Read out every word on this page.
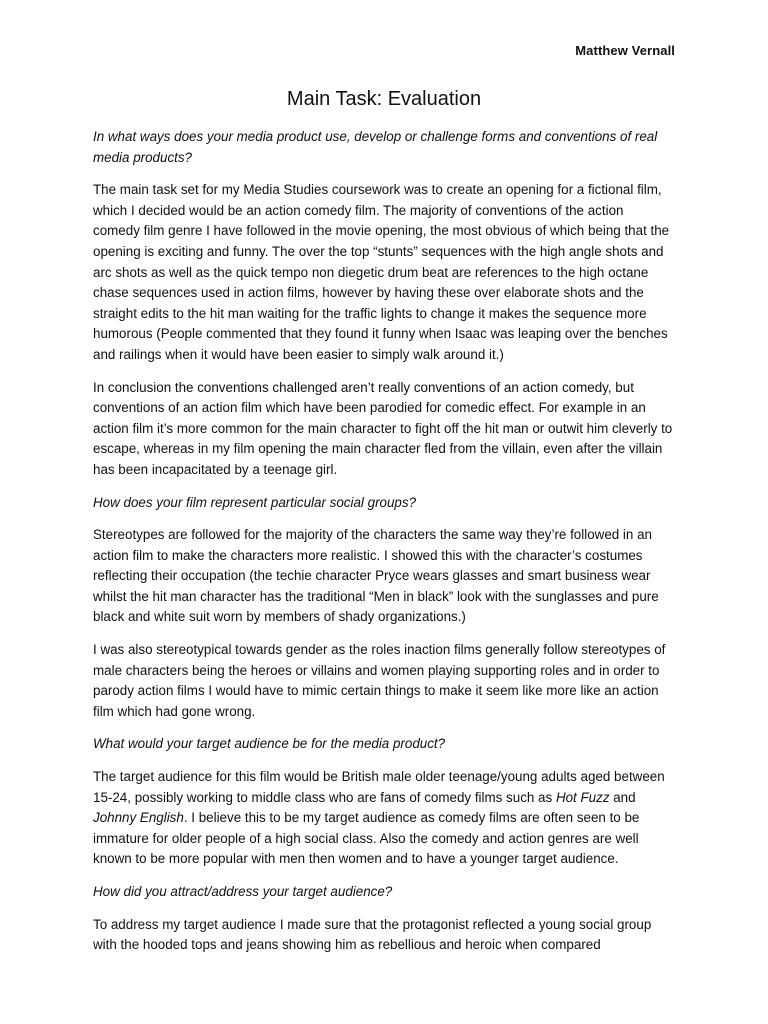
Matthew Vernall
Main Task: Evaluation

In what ways does your media product use, develop or challenge forms and conventions of real media products?

The main task set for my Media Studies coursework was to create an opening for a fictional film, which I decided would be an action comedy film. The majority of conventions of the action comedy film genre I have followed in the movie opening, the most obvious of which being that the opening is exciting and funny. The over the top “stunts” sequences with the high angle shots and arc shots as well as the quick tempo non diegetic drum beat are references to the high octane chase sequences used in action films, however by having these over elaborate shots and the straight edits to the hit man waiting for the traffic lights to change it makes the sequence more humorous (People commented that they found it funny when Isaac was leaping over the benches and railings when it would have been easier to simply walk around it.)

In conclusion the conventions challenged aren’t really conventions of an action comedy, but conventions of an action film which have been parodied for comedic effect. For example in an action film it’s more common for the main character to fight off the hit man or outwit him cleverly to escape, whereas in my film opening the main character fled from the villain, even after the villain has been incapacitated by a teenage girl.

How does your film represent particular social groups?

Stereotypes are followed for the majority of the characters the same way they’re followed in an action film to make the characters more realistic. I showed this with the character’s costumes reflecting their occupation (the techie character Pryce wears glasses and smart business wear whilst the hit man character has the traditional “Men in black” look with the sunglasses and pure black and white suit worn by members of shady organizations.)

I was also stereotypical towards gender as the roles inaction films generally follow stereotypes of male characters being the heroes or villains and women playing supporting roles and in order to parody action films I would have to mimic certain things to make it seem like more like an action film which had gone wrong.

What would your target audience be for the media product?

The target audience for this film would be British male older teenage/young adults aged between 15-24, possibly working to middle class who are fans of comedy films such as Hot Fuzz and Johnny English. I believe this to be my target audience as comedy films are often seen to be immature for older people of a high social class. Also the comedy and action genres are well known to be more popular with men then women and to have a younger target audience.

How did you attract/address your target audience?

To address my target audience I made sure that the protagonist reflected a young social group with the hooded tops and jeans showing him as rebellious and heroic when compared
